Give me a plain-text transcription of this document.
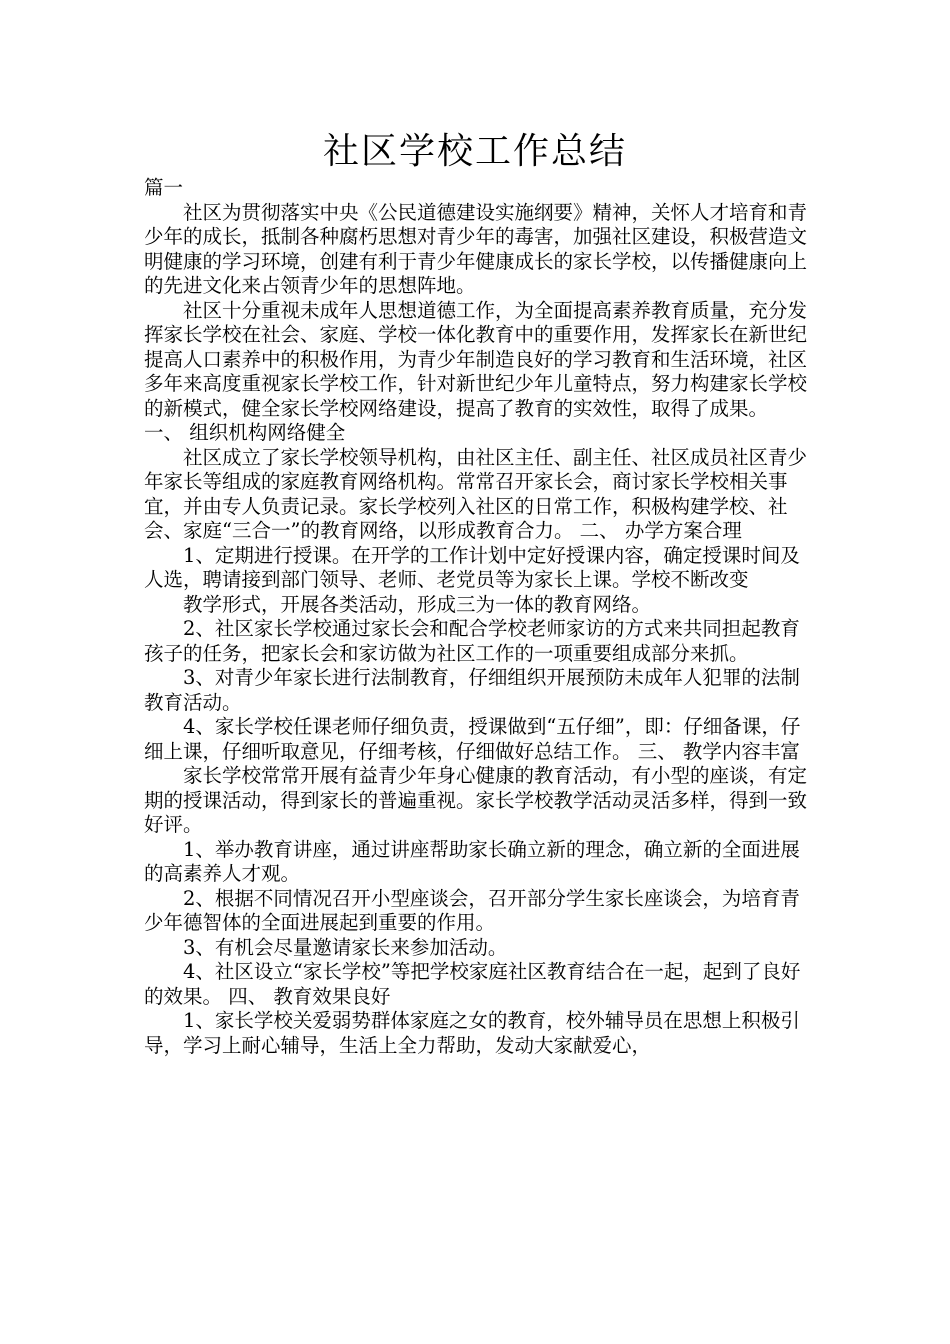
社区学校工作总结

篇一

社区为贯彻落实中央《公民道德建设实施纲要》精神，关怀人才培育和青少年的成长，抵制各种腐朽思想对青少年的毒害，加强社区建设，积极营造文明健康的学习环境，创建有利于青少年健康成长的家长学校，以传播健康向上的先进文化来占领青少年的思想阵地。

社区十分重视未成年人思想道德工作，为全面提高素养教育质量，充分发挥家长学校在社会、家庭、学校一体化教育中的重要作用，发挥家长在新世纪提高人口素养中的积极作用，为青少年制造良好的学习教育和生活环境，社区多年来高度重视家长学校工作，针对新世纪少年儿童特点，努力构建家长学校的新模式，健全家长学校网络建设，提高了教育的实效性，取得了成果。 一、 组织机构网络健全

社区成立了家长学校领导机构，由社区主任、副主任、社区成员社区青少年家长等组成的家庭教育网络机构。常常召开家长会，商讨家长学校相关事宜，并由专人负责记录。家长学校列入社区的日常工作，积极构建学校、社会、家庭“三合一”的教育网络，以形成教育合力。 二、 办学方案合理

1、定期进行授课。在开学的工作计划中定好授课内容，确定授课时间及人选，聘请接到部门领导、老师、老党员等为家长上课。学校不断改变

教学形式，开展各类活动，形成三为一体的教育网络。

2、社区家长学校通过家长会和配合学校老师家访的方式来共同担起教育孩子的任务，把家长会和家访做为社区工作的一项重要组成部分来抓。

3、对青少年家长进行法制教育，仔细组织开展预防未成年人犯罪的法制教育活动。

4、家长学校任课老师仔细负责，授课做到“五仔细”，即：仔细备课，仔细上课，仔细听取意见，仔细考核，仔细做好总结工作。 三、 教学内容丰富

家长学校常常开展有益青少年身心健康的教育活动，有小型的座谈，有定期的授课活动，得到家长的普遍重视。家长学校教学活动灵活多样，得到一致好评。

1、举办教育讲座，通过讲座帮助家长确立新的理念，确立新的全面进展的高素养人才观。

2、根据不同情况召开小型座谈会，召开部分学生家长座谈会，为培育青少年德智体的全面进展起到重要的作用。

3、有机会尽量邀请家长来参加活动。

4、社区设立“家长学校”等把学校家庭社区教育结合在一起，起到了良好的效果。 四、 教育效果良好

1、家长学校关爱弱势群体家庭之女的教育，校外辅导员在思想上积极引导，学习上耐心辅导，生活上全力帮助，发动大家献爱心，
